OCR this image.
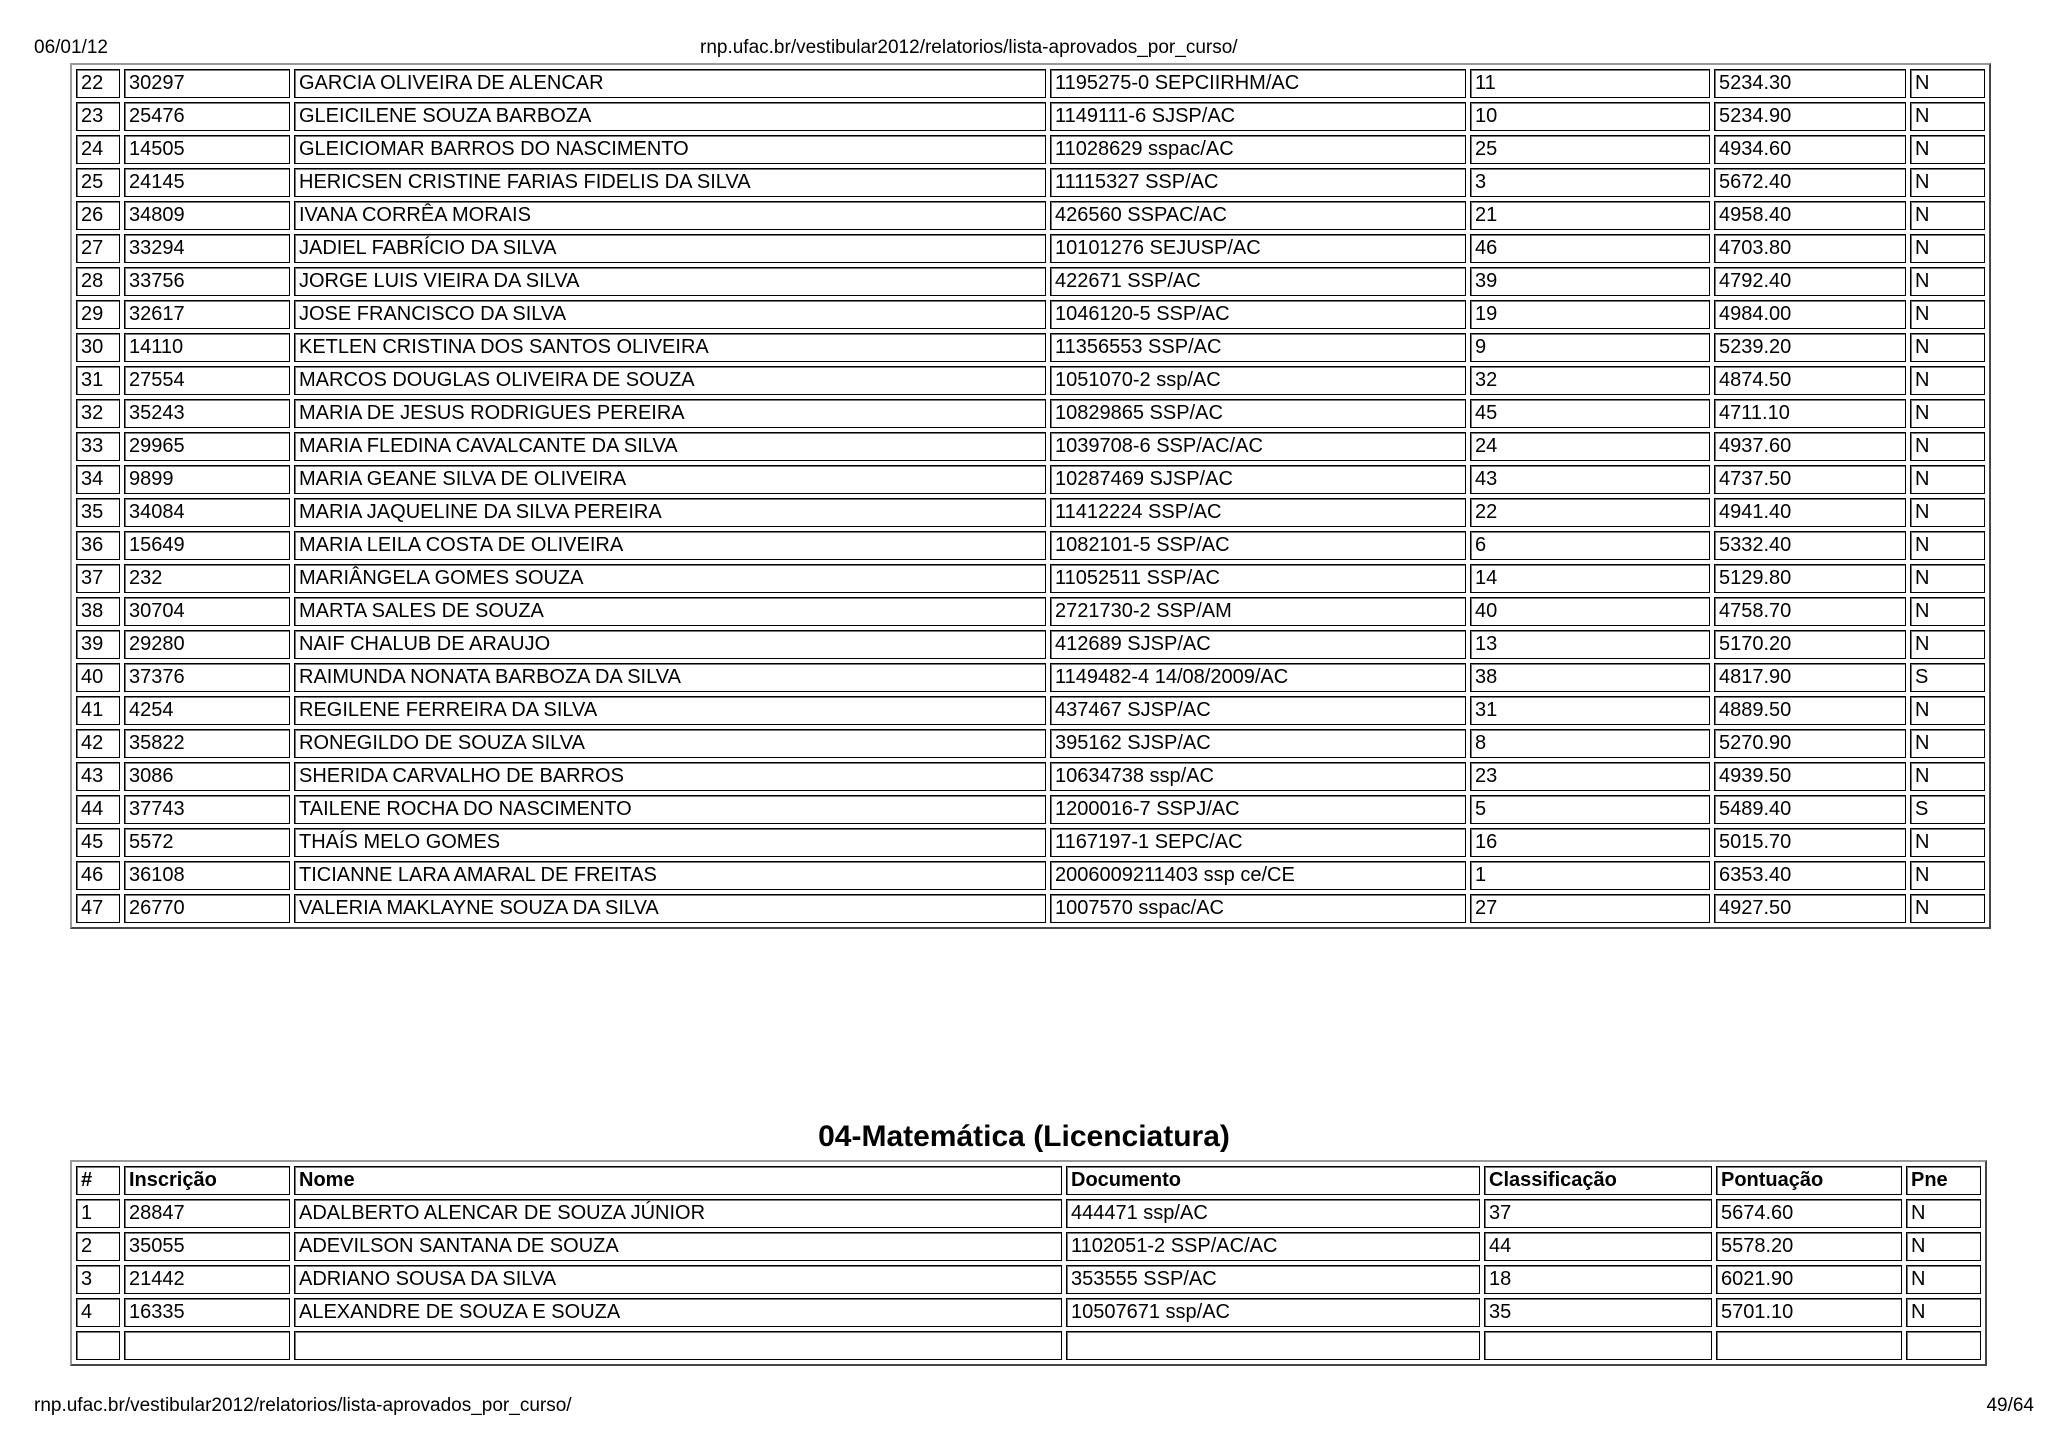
06/01/12	rnp.ufac.br/vestibular2012/relatorios/lista-aprovados_por_curso/
22	30297	GARCIA OLIVEIRA DE ALENCAR	1195275-0 SEPCIIRHM/AC	11	5234.30	N
23	25476	GLEICILENE SOUZA BARBOZA	1149111-6 SJSP/AC	10	5234.90	N
24	14505	GLEICIOMAR BARROS DO NASCIMENTO	11028629 sspac/AC	25	4934.60	N
25	24145	HERICSEN CRISTINE FARIAS FIDELIS DA SILVA	11115327 SSP/AC	3	5672.40	N
26	34809	IVANA CORRÊA MORAIS	426560 SSPAC/AC	21	4958.40	N
27	33294	JADIEL FABRÍCIO DA SILVA	10101276 SEJUSP/AC	46	4703.80	N
28	33756	JORGE LUIS VIEIRA DA SILVA	422671 SSP/AC	39	4792.40	N
29	32617	JOSE FRANCISCO DA SILVA	1046120-5 SSP/AC	19	4984.00	N
30	14110	KETLEN CRISTINA DOS SANTOS OLIVEIRA	11356553 SSP/AC	9	5239.20	N
31	27554	MARCOS DOUGLAS OLIVEIRA DE SOUZA	1051070-2 ssp/AC	32	4874.50	N
32	35243	MARIA DE JESUS RODRIGUES PEREIRA	10829865 SSP/AC	45	4711.10	N
33	29965	MARIA FLEDINA CAVALCANTE DA SILVA	1039708-6 SSP/AC/AC	24	4937.60	N
34	9899	MARIA GEANE SILVA DE OLIVEIRA	10287469 SJSP/AC	43	4737.50	N
35	34084	MARIA JAQUELINE DA SILVA PEREIRA	11412224 SSP/AC	22	4941.40	N
36	15649	MARIA LEILA COSTA DE OLIVEIRA	1082101-5 SSP/AC	6	5332.40	N
37	232	MARIÂNGELA GOMES SOUZA	11052511 SSP/AC	14	5129.80	N
38	30704	MARTA SALES DE SOUZA	2721730-2 SSP/AM	40	4758.70	N
39	29280	NAIF CHALUB DE ARAUJO	412689 SJSP/AC	13	5170.20	N
40	37376	RAIMUNDA NONATA BARBOZA DA SILVA	1149482-4 14/08/2009/AC	38	4817.90	S
41	4254	REGILENE FERREIRA DA SILVA	437467 SJSP/AC	31	4889.50	N
42	35822	RONEGILDO DE SOUZA SILVA	395162 SJSP/AC	8	5270.90	N
43	3086	SHERIDA CARVALHO DE BARROS	10634738 ssp/AC	23	4939.50	N
44	37743	TAILENE ROCHA DO NASCIMENTO	1200016-7 SSPJ/AC	5	5489.40	S
45	5572	THAÍS MELO GOMES	1167197-1 SEPC/AC	16	5015.70	N
46	36108	TICIANNE LARA AMARAL DE FREITAS	2006009211403 ssp ce/CE	1	6353.40	N
47	26770	VALERIA MAKLAYNE SOUZA DA SILVA	1007570 sspac/AC	27	4927.50	N
04-Matemática (Licenciatura)
#	Inscrição	Nome	Documento	Classificação	Pontuação	Pne
1	28847	ADALBERTO ALENCAR DE SOUZA JÚNIOR	444471 ssp/AC	37	5674.60	N
2	35055	ADEVILSON SANTANA DE SOUZA	1102051-2 SSP/AC/AC	44	5578.20	N
3	21442	ADRIANO SOUSA DA SILVA	353555 SSP/AC	18	6021.90	N
4	16335	ALEXANDRE DE SOUZA E SOUZA	10507671 ssp/AC	35	5701.10	N

rnp.ufac.br/vestibular2012/relatorios/lista-aprovados_por_curso/	49/64
